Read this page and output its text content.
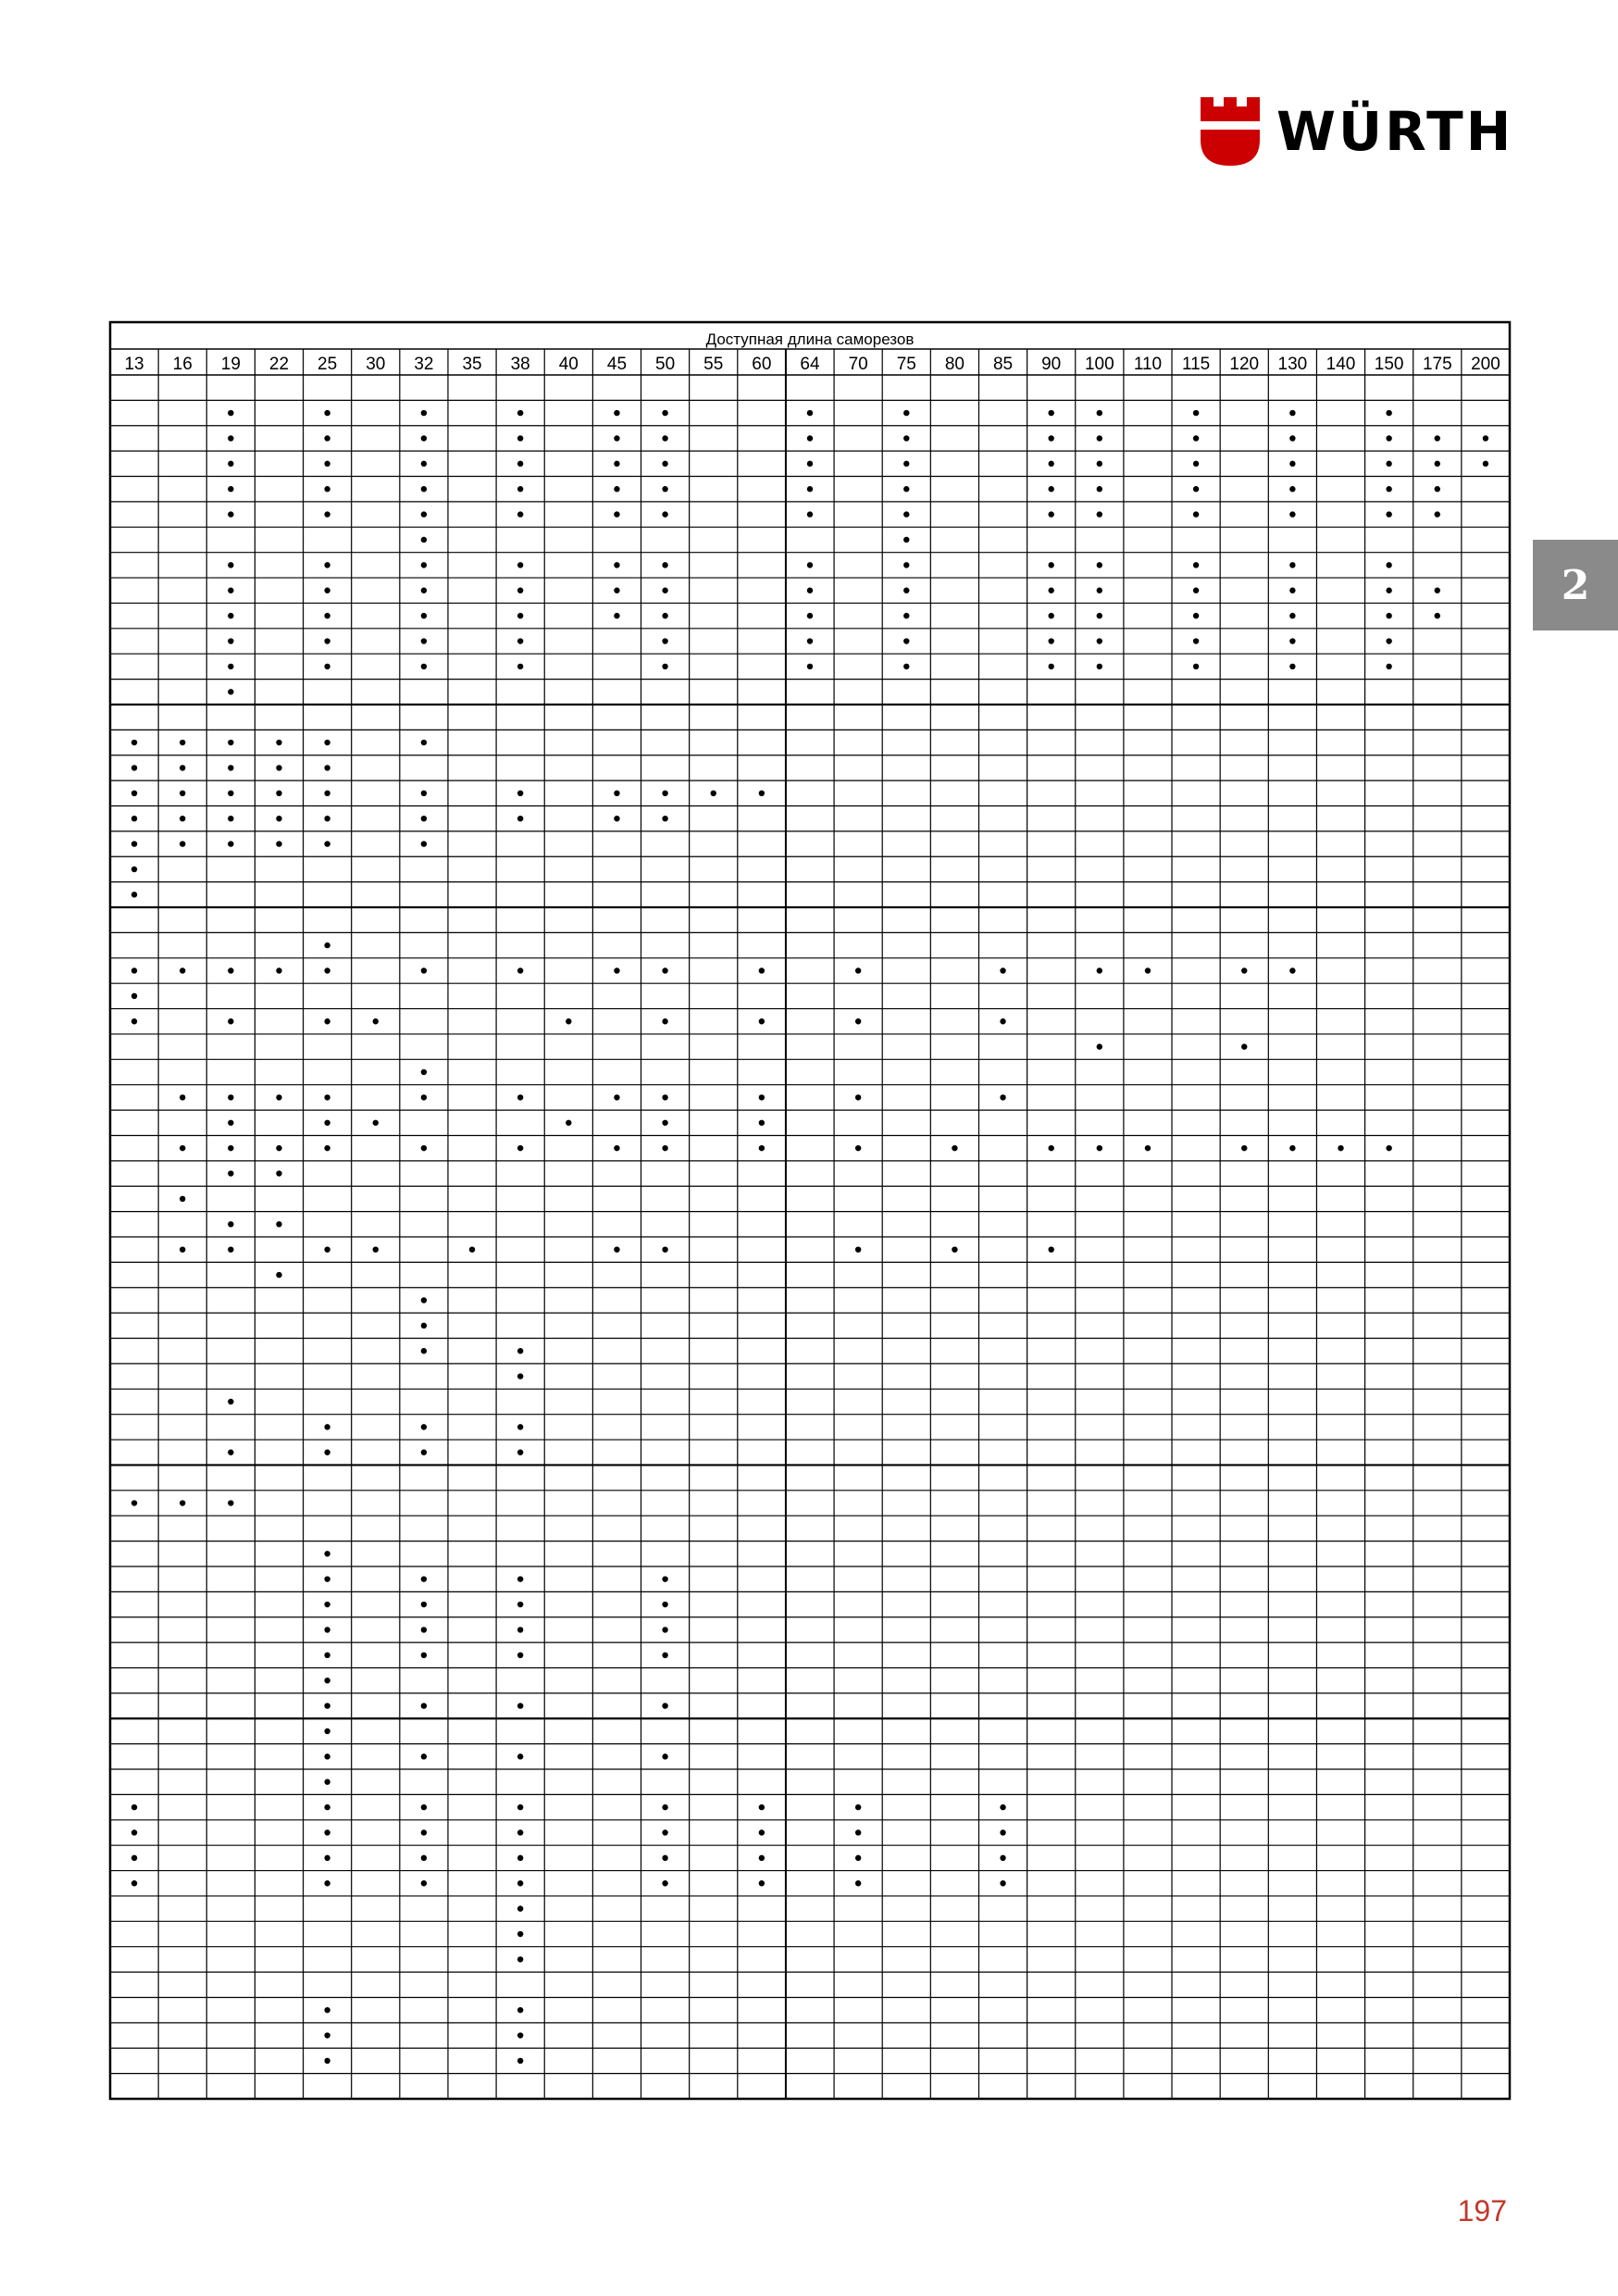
WÜRTH
2
Доступная длина саморезов
13 16 19 22 25 30 32 35 38 40 45 50 55 60 64 70 75 80 85 90 100 110 115 120 130 140 150 175 200
197
